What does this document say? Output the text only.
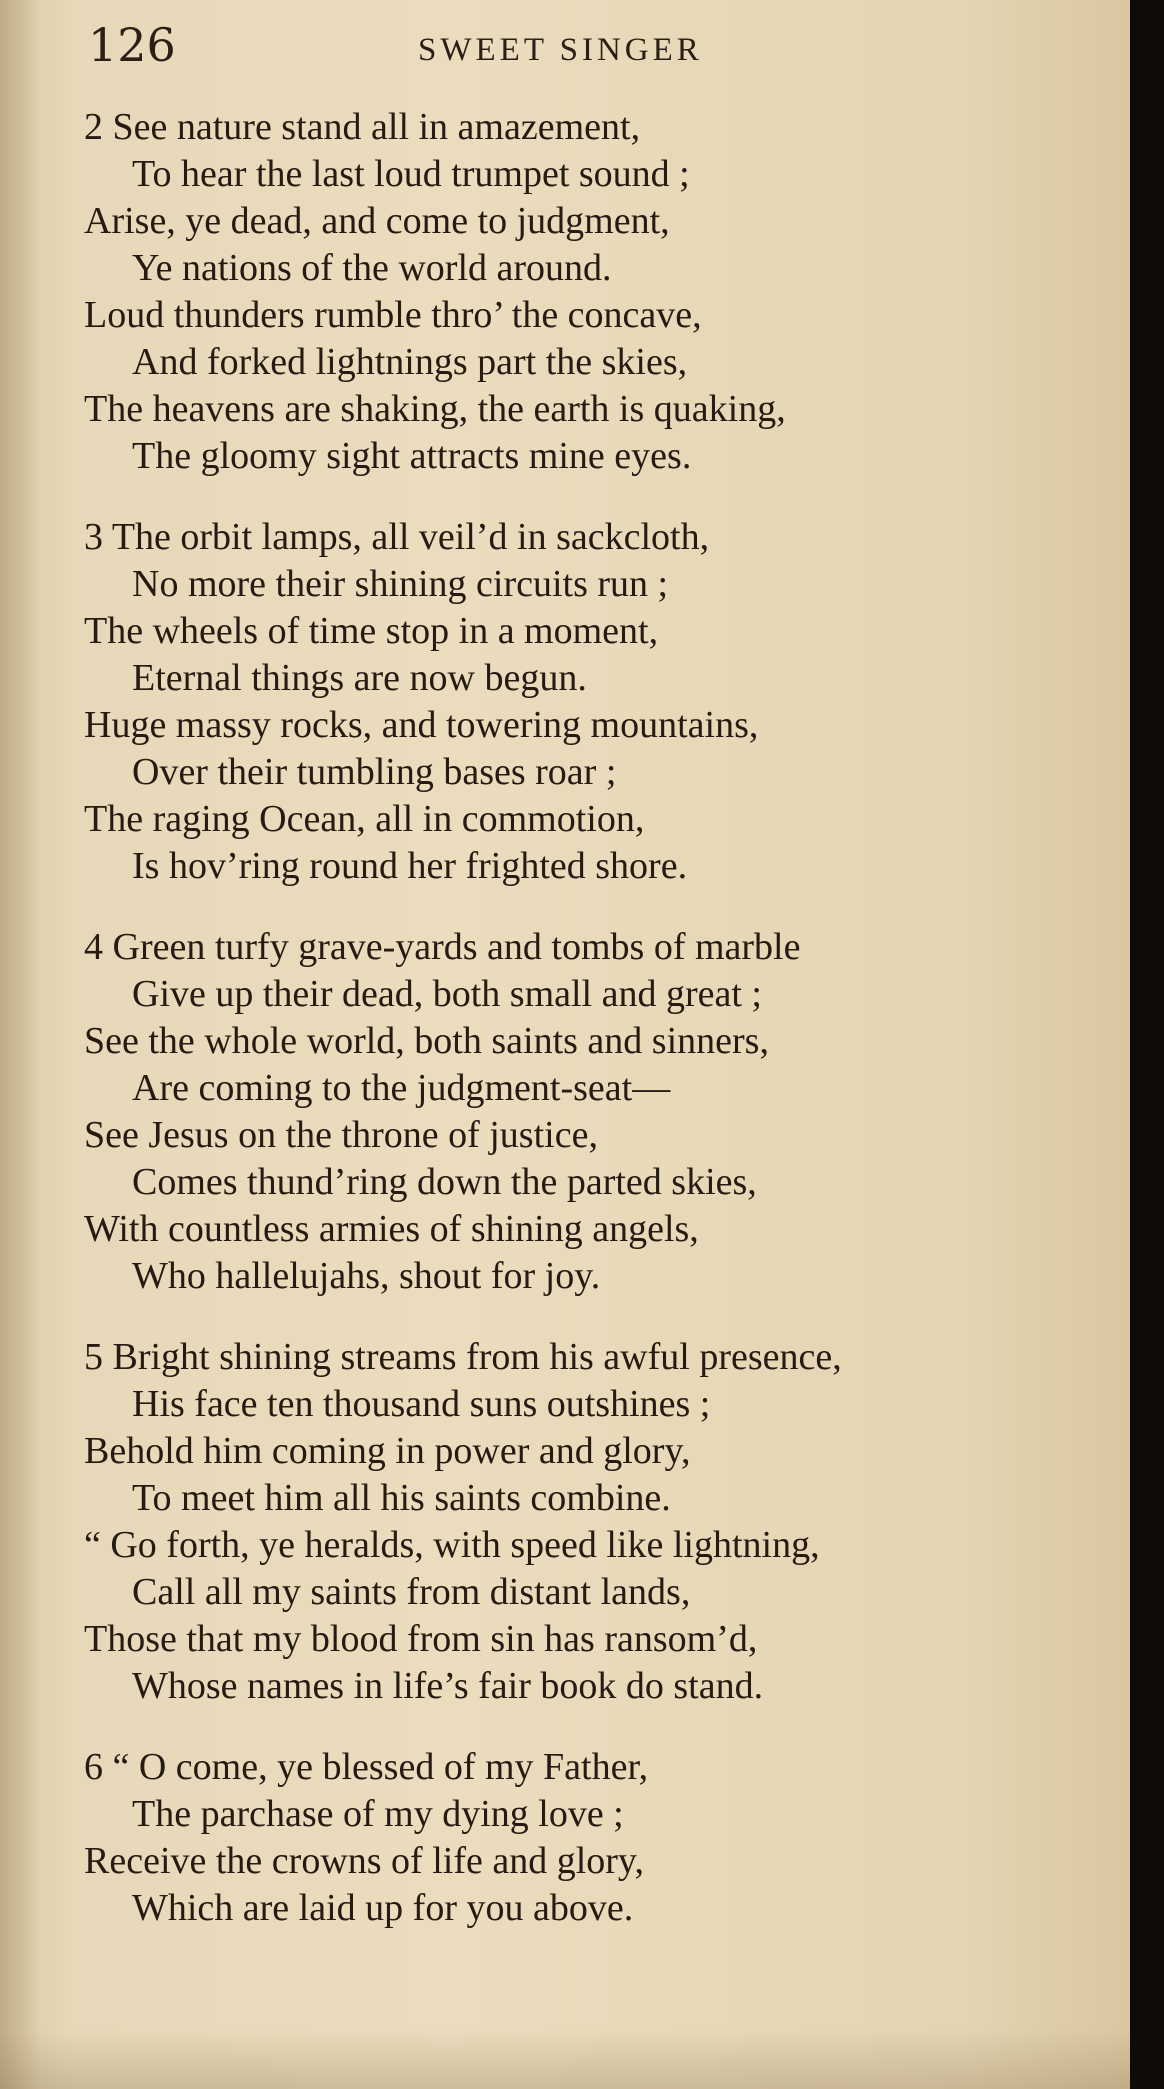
126	SWEET SINGER
2 See nature stand all in amazement,
To hear the last loud trumpet sound ;
Arise, ye dead, and come to judgment,
Ye nations of the world around.
Loud thunders rumble thro’ the concave,
And forked lightnings part the skies,
The heavens are shaking, the earth is quaking,
The gloomy sight attracts mine eyes.
3 The orbit lamps, all veil’d in sackcloth,
No more their shining circuits run ;
The wheels of time stop in a moment,
Eternal things are now begun.
Huge massy rocks, and towering mountains,
Over their tumbling bases roar ;
The raging Ocean, all in commotion,
Is hov’ring round her frighted shore.
4 Green turfy grave-yards and tombs of marble
Give up their dead, both small and great ;
See the whole world, both saints and sinners,
Are coming to the judgment-seat—
See Jesus on the throne of justice,
Comes thund’ring down the parted skies,
With countless armies of shining angels,
Who hallelujahs, shout for joy.
5 Bright shining streams from his awful presence,
His face ten thousand suns outshines ;
Behold him coming in power and glory,
To meet him all his saints combine.
“ Go forth, ye heralds, with speed like lightning,
Call all my saints from distant lands,
Those that my blood from sin has ransom’d,
Whose names in life’s fair book do stand.
6 “ O come, ye blessed of my Father,
The parchase of my dying love ;
Receive the crowns of life and glory,
Which are laid up for you above.
